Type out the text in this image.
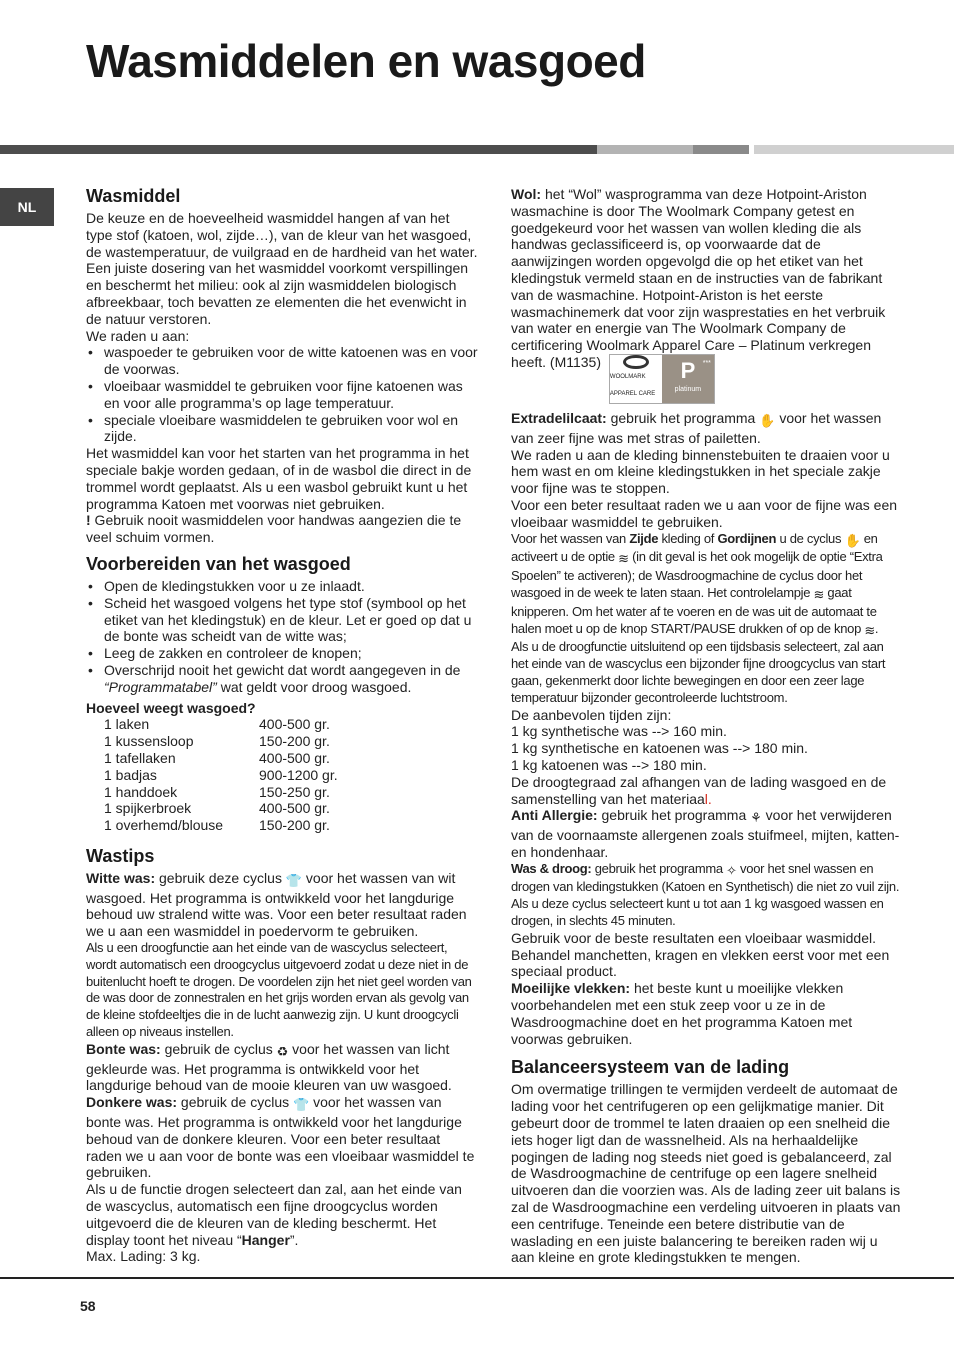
Wasmiddelen en wasgoed
NL
Wasmiddel

De keuze en de hoeveelheid wasmiddel hangen af van het type stof (katoen, wol, zijde…), van de kleur van het wasgoed, de wastemperatuur, de vuilgraad en de hardheid van het water.

Een juiste dosering van het wasmiddel voorkomt verspillingen en beschermt het milieu: ook al zijn wasmiddelen biologisch afbreekbaar, toch bevatten ze elementen die het evenwicht in de natuur verstoren.

We raden u aan:

• waspoeder te gebruiken voor de witte katoenen was en voor de voorwas.
• vloeibaar wasmiddel te gebruiken voor fijne katoenen was en voor alle programma’s op lage temperatuur.
• speciale vloeibare wasmiddelen te gebruiken voor wol en zijde.

Het wasmiddel kan voor het starten van het programma in het speciale bakje worden gedaan, of in de wasbol die direct in de trommel wordt geplaatst. Als u een wasbol gebruikt kunt u het programma Katoen met voorwas niet gebruiken.

! Gebruik nooit wasmiddelen voor handwas aangezien die te veel schuim vormen.

Voorbereiden van het wasgoed
• Open de kledingstukken voor u ze inlaadt.
• Scheid het wasgoed volgens het type stof (symbool op het etiket van het kledingstuk) en de kleur. Let er goed op dat u de bonte was scheidt van de witte was;
• Leeg de zakken en controleer de knopen;
• Overschrijd nooit het gewicht dat wordt aangegeven in de “Programmatabel” wat geldt voor droog wasgoed.
Hoeveel weegt wasgoed?
1 laken	400-500 gr.
1 kussensloop	150-200 gr.
1 tafellaken	400-500 gr.
1 badjas	900-1200 gr.
1 handdoek	150-250 gr.
1 spijkerbroek	400-500 gr.
1 overhemd/blouse	150-200 gr.
Wastips

Witte was: gebruik deze cyclus 👕 voor het wassen van wit wasgoed. Het programma is ontwikkeld voor het langdurige behoud uw stralend witte was. Voor een beter resultaat raden we u aan een wasmiddel in poedervorm te gebruiken.

Als u een droogfunctie aan het einde van de wascyclus selecteert, wordt automatisch een droogcyclus uitgevoerd zodat u deze niet in de buitenlucht hoeft te drogen. De voordelen zijn het niet geel worden van de was door de zonnestralen en het grijs worden ervan als gevolg van de kleine stofdeeltjes die in de lucht aanwezig zijn. U kunt droogcycli alleen op niveaus instellen.

Bonte was: gebruik de cyclus ♻ voor het wassen van licht gekleurde was. Het programma is ontwikkeld voor het langdurige behoud van de mooie kleuren van uw wasgoed.

Donkere was: gebruik de cyclus 👕 voor het wassen van bonte was. Het programma is ontwikkeld voor het langdurige behoud van de donkere kleuren. Voor een beter resultaat raden we u aan voor de bonte was een vloeibaar wasmiddel te gebruiken.

Als u de functie drogen selecteert dan zal, aan het einde van de wascyclus, automatisch een fijne droogcyclus worden uitgevoerd die de kleuren van de kleding beschermt. Het display toont het niveau “Hanger”.

Max. Lading: 3 kg.

Wol: het “Wol” wasprogramma van deze Hotpoint-Ariston wasmachine is door The Woolmark Company getest en goedgekeurd voor het wassen van wollen kleding die als handwas geclassificeerd is, op voorwaarde dat de aanwijzingen worden opgevolgd die op het etiket van het kledingstuk vermeld staan en de instructies van de fabrikant van de wasmachine. Hotpoint-Ariston is het eerste wasmachinemerk dat voor zijn wasprestaties en het verbruik van water en energie van The Woolmark Company de certificering Woolmark Apparel Care – Platinum verkregen heeft. (M1135)
WOOLMARK APPAREL CARE
***
P
platinum

Extradelilcaat: gebruik het programma ✋ voor het wassen van zeer fijne was met stras of pailetten.

We raden u aan de kleding binnenstebuiten te draaien voor u hem wast en om kleine kledingstukken in het speciale zakje voor fijne was te stoppen.

Voor een beter resultaat raden we u aan voor de fijne was een vloeibaar wasmiddel te gebruiken.

Voor het wassen van Zijde kleding of Gordijnen u de cyclus ✋ en activeert u de optie ≋ (in dit geval is het ook mogelijk de optie “Extra Spoelen” te activeren); de Wasdroogmachine de cyclus door het wasgoed in de week te laten staan. Het controlelampje ≋ gaat knipperen. Om het water af te voeren en de was uit de automaat te halen moet u op de knop START/PAUSE drukken of op de knop ≋.

Als u de droogfunctie uitsluitend op een tijdsbasis selecteert, zal aan het einde van de wascyclus een bijzonder fijne droogcyclus van start gaan, gekenmerkt door lichte bewegingen en door een zeer lage temperatuur bijzonder gecontroleerde luchtstroom.

De aanbevolen tijden zijn:

1 kg synthetische was --> 160 min.

1 kg synthetische en katoenen was --> 180 min.

1 kg katoenen was --> 180 min.

De droogtegraad zal afhangen van de lading wasgoed en de samenstelling van het materiaal.

Anti Allergie: gebruik het programma ⚘ voor het verwijderen van de voornaamste allergenen zoals stuifmeel, mijten, katten- en hondenhaar.

Was & droog: gebruik het programma ✧ voor het snel wassen en drogen van kledingstukken (Katoen en Synthetisch) die niet zo vuil zijn. Als u deze cyclus selecteert kunt u tot aan 1 kg wasgoed wassen en drogen, in slechts 45 minuten.

Gebruik voor de beste resultaten een vloeibaar wasmiddel. Behandel manchetten, kragen en vlekken eerst voor met een speciaal product.

Moeilijke vlekken: het beste kunt u moeilijke vlekken voorbehandelen met een stuk zeep voor u ze in de Wasdroogmachine doet en het programma Katoen met voorwas gebruiken.

Balanceersysteem van de lading

Om overmatige trillingen te vermijden verdeelt de automaat de lading voor het centrifugeren op een gelijkmatige manier. Dit gebeurt door de trommel te laten draaien op een snelheid die iets hoger ligt dan de wassnelheid. Als na herhaaldelijke pogingen de lading nog steeds niet goed is gebalanceerd, zal de Wasdroogmachine de centrifuge op een lagere snelheid uitvoeren dan die voorzien was. Als de lading zeer uit balans is zal de Wasdroogmachine een verdeling uitvoeren in plaats van een centrifuge. Teneinde een betere distributie van de waslading en een juiste balancering te bereiken raden wij u aan kleine en grote kledingstukken te mengen.

58
